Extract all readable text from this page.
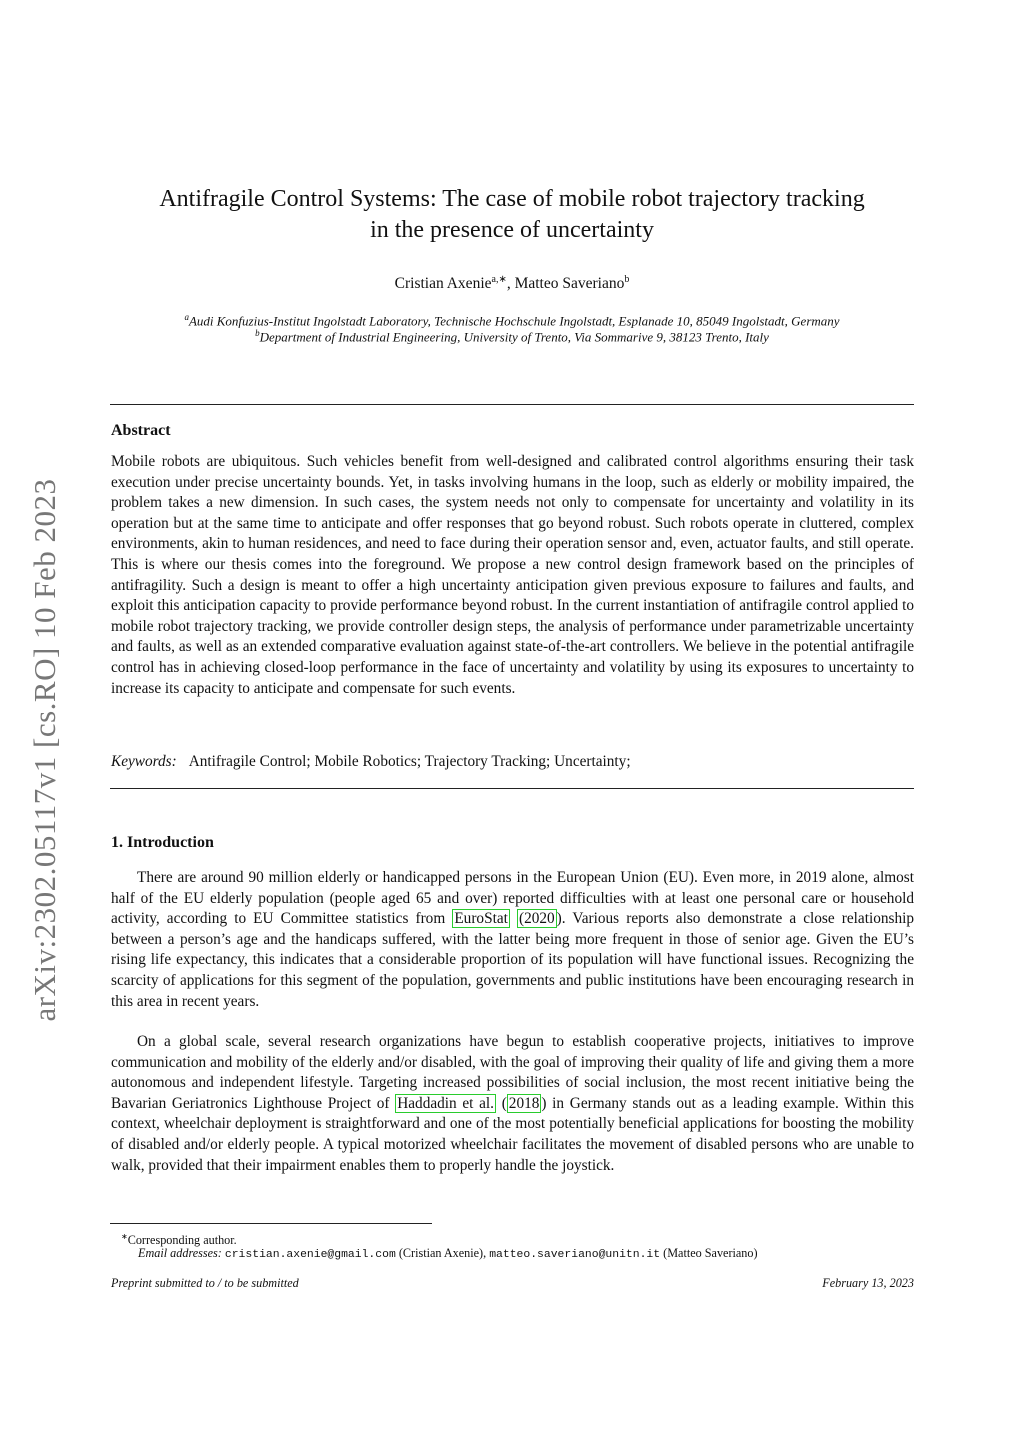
arXiv:2302.05117v1 [cs.RO] 10 Feb 2023
Antifragile Control Systems: The case of mobile robot trajectory tracking
in the presence of uncertainty
Cristian Axenie$^{a,∗}$, Matteo Saveriano$^b$
$^a$Audi Konfuzius-Institut Ingolstadt Laboratory, Technische Hochschule Ingolstadt, Esplanade 10, 85049 Ingolstadt, Germany
$^b$Department of Industrial Engineering, University of Trento, Via Sommarive 9, 38123 Trento, Italy
Abstract
Mobile robots are ubiquitous. Such vehicles benefit from well-designed and calibrated control algorithms ensuring their task execution under precise uncertainty bounds. Yet, in tasks involving humans in the loop, such as elderly or mobility impaired, the problem takes a new dimension. In such cases, the system needs not only to compensate for uncertainty and volatility in its operation but at the same time to anticipate and offer responses that go beyond robust. Such robots operate in cluttered, complex environments, akin to human residences, and need to face during their operation sensor and, even, actuator faults, and still operate. This is where our thesis comes into the foreground. We propose a new control design framework based on the principles of antifragility. Such a design is meant to offer a high uncertainty anticipation given previous exposure to failures and faults, and exploit this anticipation capacity to provide performance beyond robust. In the current instantiation of antifragile control applied to mobile robot trajectory tracking, we provide controller design steps, the analysis of performance under parametrizable uncertainty and faults, as well as an extended comparative evaluation against state-of-the-art controllers. We believe in the potential antifragile control has in achieving closed-loop performance in the face of uncertainty and volatility by using its exposures to uncertainty to increase its capacity to anticipate and compensate for such events.
Keywords: Antifragile Control; Mobile Robotics; Trajectory Tracking; Uncertainty;
1. Introduction
There are around 90 million elderly or handicapped persons in the European Union (EU). Even more, in 2019 alone, almost half of the EU elderly population (people aged 65 and over) reported difficulties with at least one personal care or household activity, according to EU Committee statistics from EuroStat (2020 ). Various reports also demonstrate a close relationship between a person’s age and the handicaps suffered, with the latter being more frequent in those of senior age. Given the EU’s rising life expectancy, this indicates that a considerable proportion of its population will have functional issues. Recognizing the scarcity of applications for this segment of the population, governments and public institutions have been encouraging research in this area in recent years.
On a global scale, several research organizations have begun to establish cooperative projects, initiatives to improve communication and mobility of the elderly and/or disabled, with the goal of improving their quality of life and giving them a more autonomous and independent lifestyle. Targeting increased possibilities of social inclusion, the most recent initiative being the Bavarian Geriatronics Lighthouse Project of Haddadin et al. ( 2018 ) in Germany stands out as a leading example. Within this context, wheelchair deployment is straightforward and one of the most potentially beneficial applications for boosting the mobility of disabled and/or elderly people. A typical motorized wheelchair facilitates the movement of disabled persons who are unable to walk, provided that their impairment enables them to properly handle the joystick.
∗Corresponding author.
Email addresses: cristian.axenie@gmail.com (Cristian Axenie), matteo.saveriano@unitn.it (Matteo Saveriano)
Preprint submitted to / to be submitted	February 13, 2023
